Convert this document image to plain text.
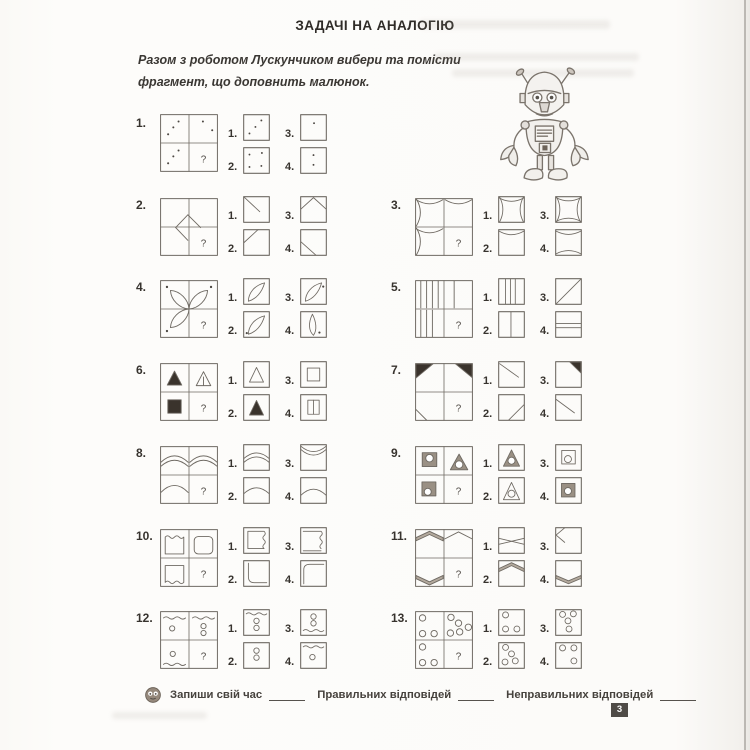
ЗАДАЧІ НА АНАЛОГІЮ
Разом з роботом Лускунчиком вибери та помісти
фрагмент, що доповнить малюнок.
1.
?
1.
2.
3.
4.
2.
?
1.
2.
3.
4.
3.
?
1.
2.
3.
4.
4.
?
1.
2.
3.
4.
5.
?
1.
2.
3.
4.
6.
?
1.
2.
3.
4.
7.
?
1.
2.
3.
4.
8.
?
1.
2.
3.
4.
9.
?
1.
2.
3.
4.
10.
?
1.
2.
3.
4.
11.
?
1.
2.
3.
4.
12.
?
1.
2.
3.
4.
13.
?
1.
2.
3.
4.
Запиши свій час	Правильних відповідей	Неправильних відповідей
3
